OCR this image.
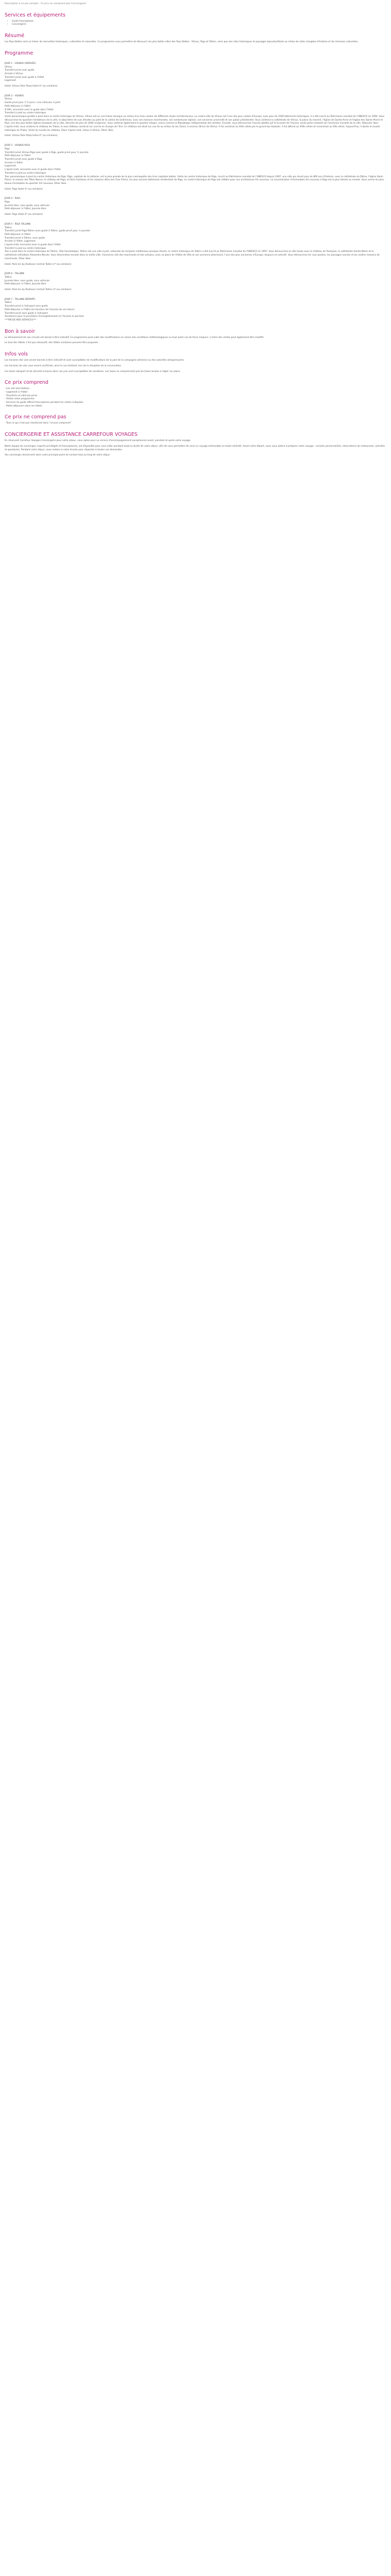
Description à sa pro-compte - Ce prix ne comprend pas Conciergerie
Services et équipements
• Guide francophone
• Conciergerie
Résumé

Les Pays Baltes sont un trésor de merveilles historiques, culturelles et naturelles. Ce programme vous permettra de découvrir les plus belles villes des Pays Baltes : Vilnius, Riga et Tallinn, ainsi que des sites historiques et paysages époustouflants au milieu de villes chargées d'histoire et de richesses culturelles.

Programme
JOUR 1 - VILNIUS (ARRIVÉE)
Vilnius
Transfert privé avec guide
Arrivée à Vilnius
Transfert privé avec guide à l'hôtel
Logement
Hotel: Vilnius Park Plaza Hotel 4* (ou similaire)
JOUR 2 - VILNIUS
Vilnius
Guide privé pour 3 ¼ jours / une véhicule, à pied
Petit-déjeuner à l'hôtel
À 09h, rencontre avec le guide dans l'hôtel
Transfert à pied ou centre historique

Visite panoramique guidée à pied dans le centre historique de Vilnius. Vilnius est un vrai trésor baroque au milieu d'un tissu urbain de différents styles architecturaux. Le centre-ville de Vilnius est l'une des plus vastes d'Europe, avec plus de 1500 bâtiments historiques. Il a été inscrit au Patrimoine mondial de l'UNESCO en 1994. Vous découvrirez les quartiers fondateurs de la ville, le labyrinthe de rues étroites au pied de la colline de Gediminas, avec ses maisons marchandes, ses nombreuses églises, son ancienne université et son palais présidentiel. Vous visiterez la cathédrale de Vilnius, la place du marché, l'église de Sainte-Anne et l'église des Saints Pierre et Paul, une des plus belles églises baroques de la ville, décorée de plus de 2000 sculptures. Vous visiterez également le quartier Užupis, connu comme la République indépendante des artistes. Ensuite, vous découvrirez l'ancien ghetto juif et la porte de l'Aurore, seule porte restante de l'ancienne muraille de la ville. Déjeuner libre. L'après-midi, vous visiterez le château de Trakai, le seul château construit sur une île en Europe de l'Est. Ce château est situé sur une île au milieu du lac Galvė, à environ 28 km de Vilnius. Il fut construit au XIVe siècle par le grand-duc Kęstutis. Il fut détruit au XVIIe siècle et reconstruit au XXe siècle. Aujourd'hui, il abrite le musée historique de Trakai. Visite du musée du château. Dans l'après-midi, retour à Vilnius. Dîner libre.

Hotel: Vilnius Park Plaza Hotel 4* (ou similaire)
JOUR 3 - VILNIUS RIGA
Riga
Transfert privé Vilnius-Riga avec guide à Riga, guide privé pour ¾ journée
Petit-déjeuner à l'hôtel
Transfert privé avec guide à Riga
Arrivée à l'hôtel
Logement
L'après-midi, rencontre avec le guide dans l'hôtel
Transfert à pied au centre historique

Tour panoramique à pied du centre historique de Riga. Riga, capitale de la Lettonie, est la plus grande de la plus cosmopolite des trois capitales baltes. Visite du centre historique de Riga, inscrit au Patrimoine mondial de l'UNESCO depuis 1997, une ville qui réunit plus de 800 ans d'histoire, avec la cathédrale du Dôme, l'église Saint-Pierre, la maison des Têtes Noires, le château de Riga, la Porte Suédoise et les maisons dites des Trois Frères, les plus anciens bâtiments résidentiels de Riga. Le centre historique de Riga est célèbre pour son architecture Art nouveau. La concentration d'immeubles Art nouveau à Riga est la plus élevée au monde. Vous verrez les plus beaux immeubles du quartier Art nouveau. Dîner libre.

Hotel: Riga Hotel 4* (ou similaire)
JOUR 4 - RIGA
Riga
Journée libre, sans guide, sans véhicule
Petit-déjeuner à l'hôtel, Journée libre
Hotel: Riga Hotel 4* (ou similaire)
JOUR 5 - RIGA TALLINN
Tallinn
Transfert privé Riga-Tallinn avec guide à Tallinn, guide privé pour ½ journée
Petit-déjeuner à l'hôtel
Transfert privé à Tallinn, avec guide
Arrivée à l'hôtel, Logement
L'après-midi, rencontre avec le guide dans l'hôtel
Transfert à pied au centre historique

Tour à pied dans le centre historique de Tallinn. Ville hanséatique, Tallinn est une ville à part, entourée de remparts médiévaux presque intacts, le centre historique de Tallinn a été inscrit au Patrimoine mondial de l'UNESCO en 1997. Vous découvrirez la ville haute avec le château de Toompea, la cathédrale Sainte-Marie et la cathédrale orthodoxe Alexandre Nevski. Vous descendrez ensuite dans la vieille ville, l'ancienne cité des marchands et des artisans, avec sa place de l'Hôtel de Ville et son ancienne pharmacie, l'une des plus anciennes d'Europe, toujours en activité. Vous découvrirez les rues pavées, les passages secrets et les vieilles maisons de marchands. Dîner libre.

Hotel: Park Inn by Radisson Central Tallinn 4* (ou similaire)
JOUR 6 - TALLINN
Tallinn
Journée libre, sans guide, sans véhicule
Petit-déjeuner à l'hôtel, Journée libre
Hotel: Park Inn by Radisson Central Tallinn 4* (ou similaire)
JOUR 7 - TALLINN (DÉPART)
Tallinn
Transfert privé à l'aéroport sans guide
Petit-déjeuner à l'hôtel (en fonction de l'horaire de vol retour)
Transfert privé sans guide à l'aéroport
Assistance pour la procédure d'enregistrement (si l'horaire le permet)
***FIN DE NOS SERVICES***
Bon à savoir

Le déroulement de nos circuits est donné à titre indicatif. Ce programme peut subir des modifications en raison des conditions météorologiques ou tout autre cas de force majeure. L'ordre des visites peut également être modifié.

Le tout des hôtels n'est pas exhaustif, des hôtels similaires peuvent être proposés.

Infos vols

Les horaires des vols seront donnés à titre indicatif et sont susceptibles de modifications de la part de la compagnie aérienne ou des autorités aéroportuaires.

Les horaires de vols vous seront confirmés, ainsi le cas échéant, lors de la réception de la convocation.

Les taxes aéroport et de sécurité incluses dans nos prix sont susceptibles de variations. Les taxes ne comprennent pas les taxes locales à régler sur place.

Ce prix comprend
- Les vols plus bateau
- Logement à l'hôtel
- Transferts et véhicule privé
- Visites selon programme
- Services du guide officiel francophone pendant les visites indiquées
- Petits-déjeuners dans les hôtels
Ce prix ne comprend pas
- Tout ce qui n'est pas mentionné dans "ce prix comprend"
CONCIERGERIE ET ASSISTANCE CARREFOUR VOYAGES

En réservant Carrefour Voyages Conciergerie pour votre séjour, vous optez pour un service d'accompagnement exceptionnel avant, pendant et après votre voyage.

Notre équipe de concierges, experts privilégiés et francophones, est disponible pour vous aider pendant toute la durée de votre séjour, afin de vous permettre de vivre un voyage mémorable en toute sérénité. Avant votre départ, nous vous aidons à préparer votre voyage : conseils personnalisés, réservations de restaurants, activités et spectacles. Pendant votre séjour, nous restons à votre écoute pour répondre à toutes vos demandes.

Vos concierges deviennent alors votre principal point de contact tout au long de votre séjour.
